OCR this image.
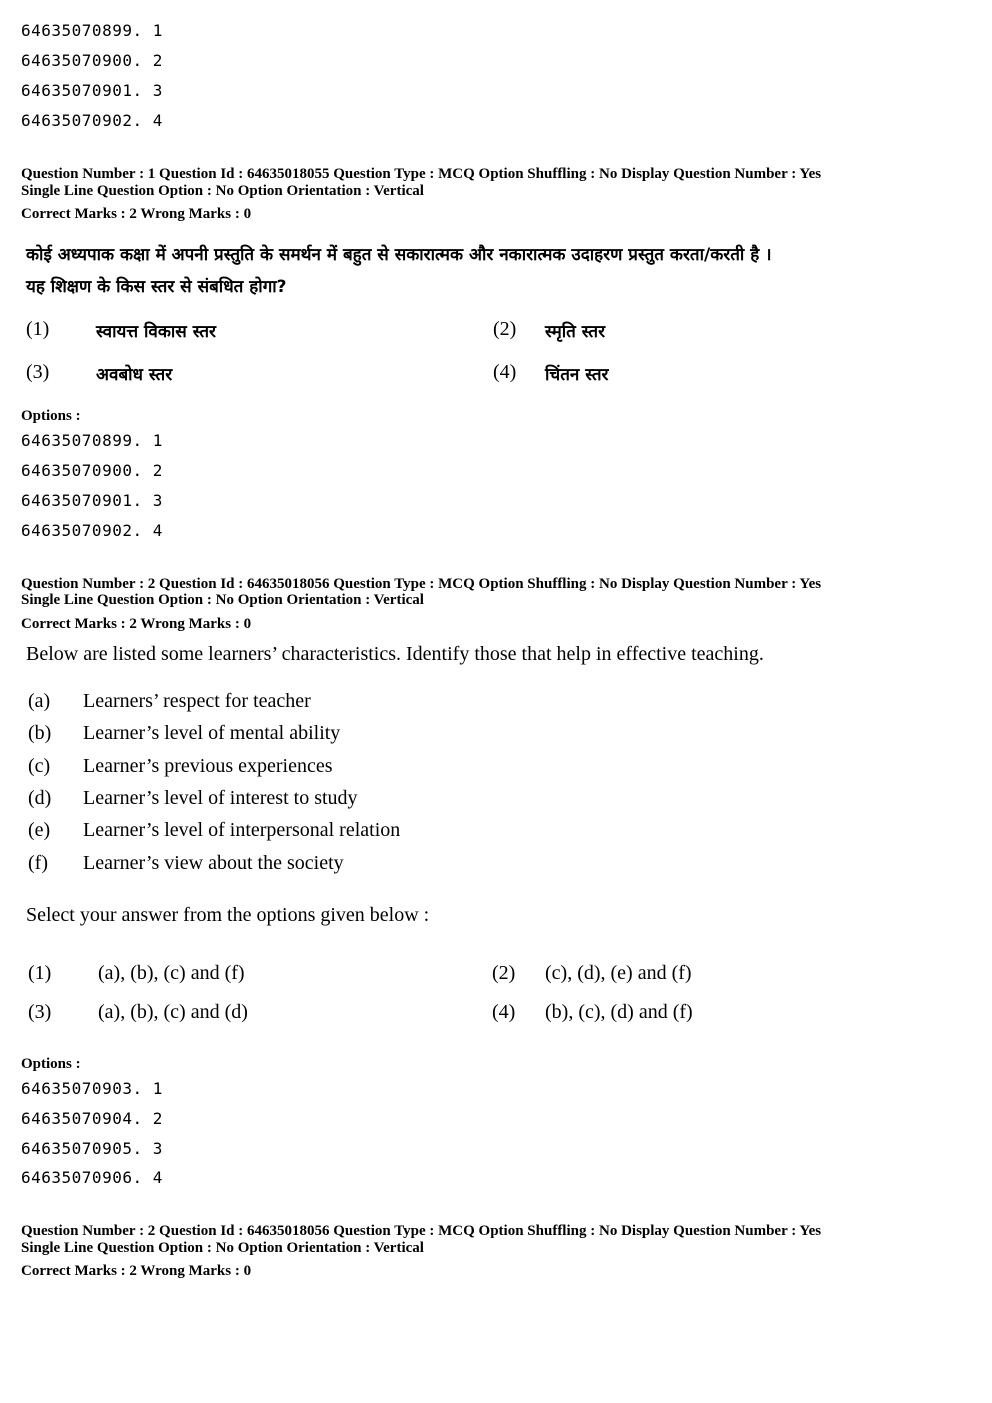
64635070899. 1
64635070900. 2
64635070901. 3
64635070902. 4
Question Number : 1 Question Id : 64635018055 Question Type : MCQ Option Shuffling : No Display Question Number : Yes
Single Line Question Option : No Option Orientation : Vertical
Correct Marks : 2 Wrong Marks : 0
कोई अध्यपाक कक्षा में अपनी प्रस्तुति के समर्थन में बहुत से सकारात्मक और नकारात्मक उदाहरण प्रस्तुत करता/करती है ।
यह शिक्षण के किस स्तर से संबधित होगा?
(1)	स्वायत्त विकास स्तर	(2) स्मृति स्तर
(3)	अवबोध स्तर	(4) चिंतन स्तर
Options :
64635070899. 1
64635070900. 2
64635070901. 3
64635070902. 4
Question Number : 2 Question Id : 64635018056 Question Type : MCQ Option Shuffling : No Display Question Number : Yes
Single Line Question Option : No Option Orientation : Vertical
Correct Marks : 2 Wrong Marks : 0
Below are listed some learners’ characteristics. Identify those that help in effective teaching.
(a) Learners’ respect for teacher
(b) Learner’s level of mental ability
(c) Learner’s previous experiences
(d) Learner’s level of interest to study
(e) Learner’s level of interpersonal relation
(f) Learner’s view about the society
Select your answer from the options given below :
(1) (a), (b), (c) and (f)	(2) (c), (d), (e) and (f)
(3) (a), (b), (c) and (d)	(4) (b), (c), (d) and (f)
Options :
64635070903. 1
64635070904. 2
64635070905. 3
64635070906. 4
Question Number : 2 Question Id : 64635018056 Question Type : MCQ Option Shuffling : No Display Question Number : Yes
Single Line Question Option : No Option Orientation : Vertical
Correct Marks : 2 Wrong Marks : 0
